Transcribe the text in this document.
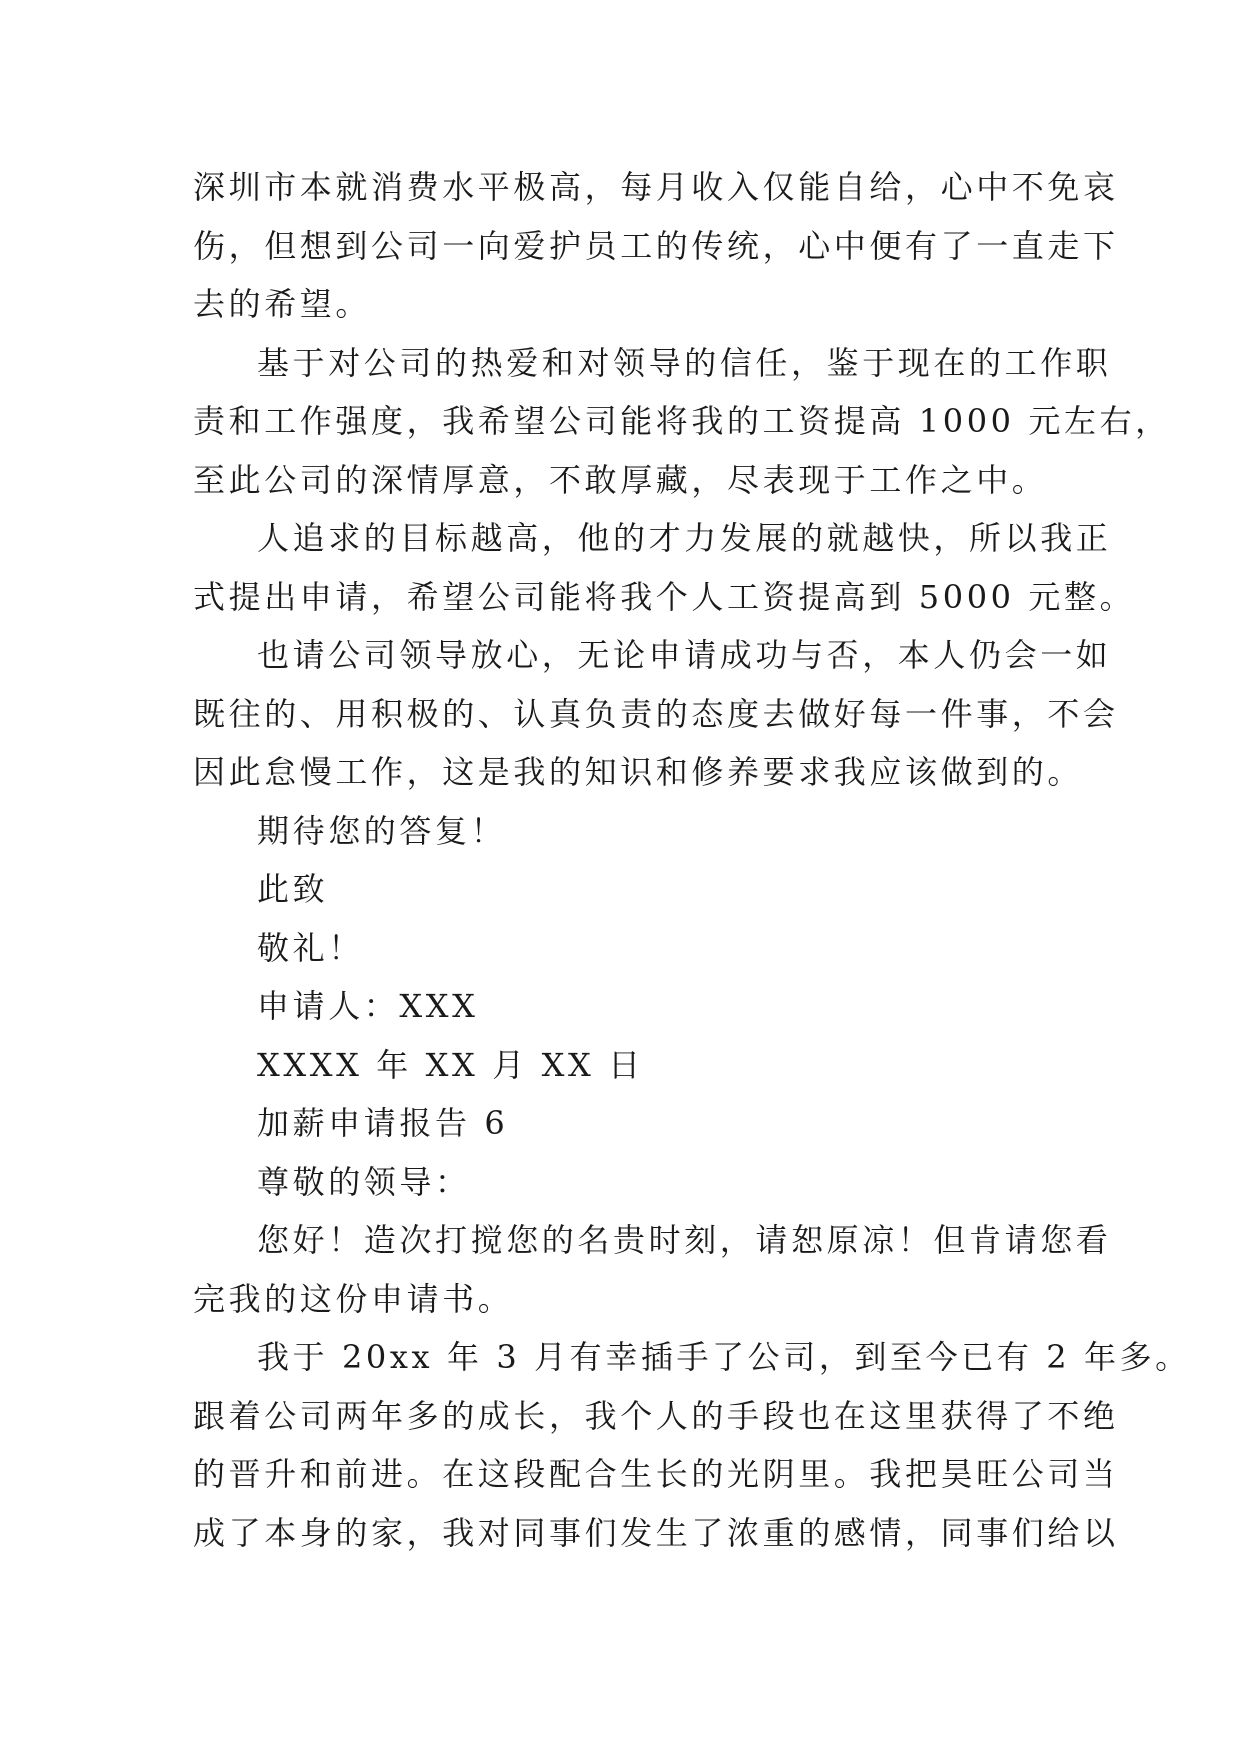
深圳市本就消费水平极高，每月收入仅能自给，心中不免哀
伤，但想到公司一向爱护员工的传统，心中便有了一直走下
去的希望。
基于对公司的热爱和对领导的信任，鉴于现在的工作职
责和工作强度，我希望公司能将我的工资提高 1000 元左右，
至此公司的深情厚意，不敢厚藏，尽表现于工作之中。
人追求的目标越高，他的才力发展的就越快，所以我正
式提出申请，希望公司能将我个人工资提高到 5000 元整。
也请公司领导放心，无论申请成功与否，本人仍会一如
既往的、用积极的、认真负责的态度去做好每一件事，不会
因此怠慢工作，这是我的知识和修养要求我应该做到的。
期待您的答复！
此致
敬礼！
申请人：XXX
XXXX 年 XX 月 XX 日
加薪申请报告 6
尊敬的领导：
您好！造次打搅您的名贵时刻，请恕原凉！但肯请您看
完我的这份申请书。
我于 20xx 年 3 月有幸插手了公司，到至今已有 2 年多。
跟着公司两年多的成长，我个人的手段也在这里获得了不绝
的晋升和前进。在这段配合生长的光阴里。我把昊旺公司当
成了本身的家，我对同事们发生了浓重的感情，同事们给以
